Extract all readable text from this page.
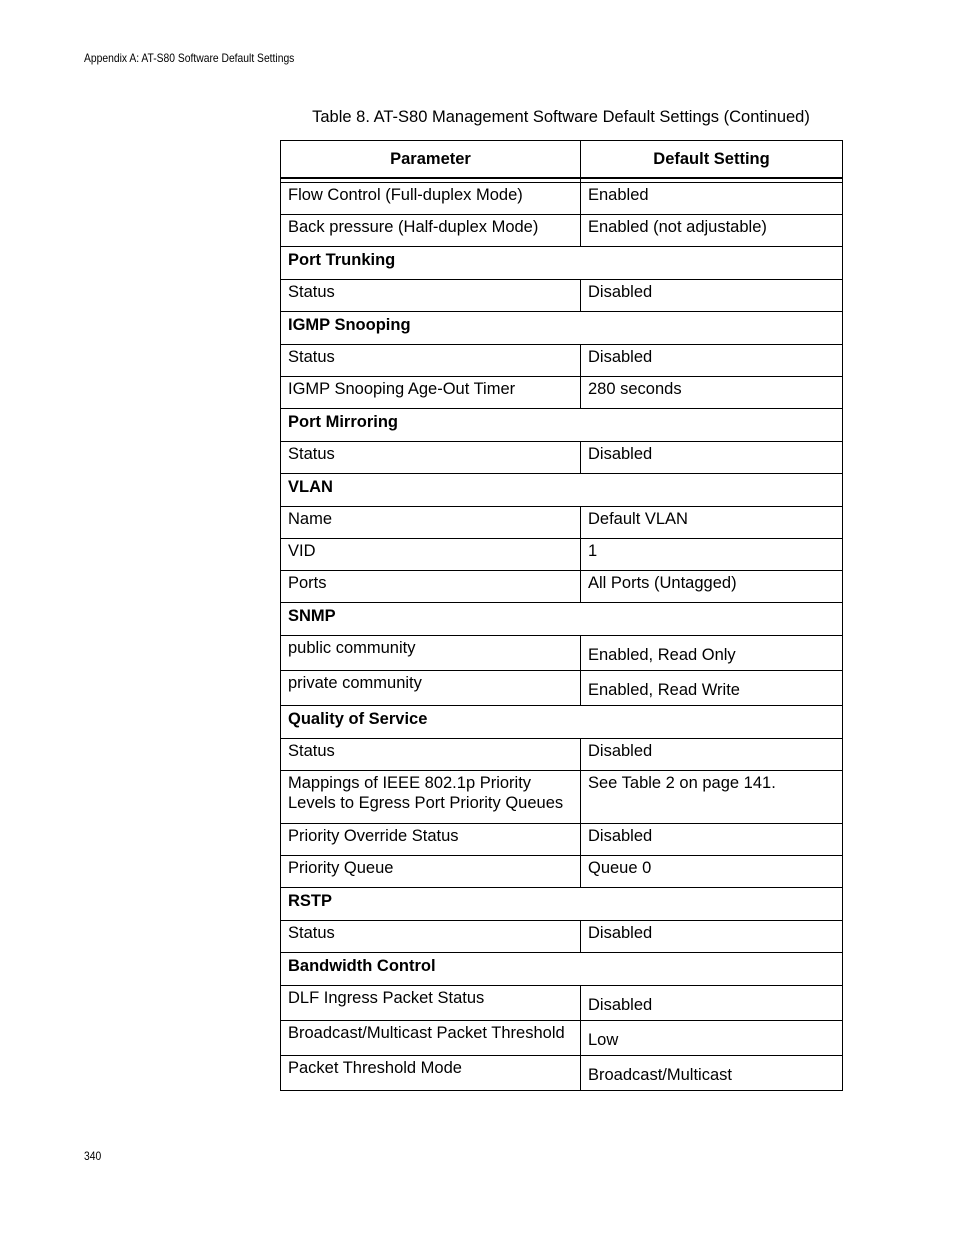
Appendix A: AT-S80 Software Default Settings
Table 8. AT-S80 Management Software Default Settings (Continued)
Parameter	Default Setting

Flow Control (Full-duplex Mode)	Enabled
Back pressure (Half-duplex Mode)	Enabled (not adjustable)
Port Trunking	
Status	Disabled
IGMP Snooping	
Status	Disabled
IGMP Snooping Age-Out Timer	280 seconds
Port Mirroring	
Status	Disabled
VLAN	
Name	Default VLAN
VID	1
Ports	All Ports (Untagged)
SNMP	
public community	Enabled, Read Only
private community	Enabled, Read Write
Quality of Service	
Status	Disabled
Mappings of IEEE 802.1p Priority
Levels to Egress Port Priority Queues	See Table 2 on page 141.
Priority Override Status	Disabled
Priority Queue	Queue 0
RSTP	
Status	Disabled
Bandwidth Control	
DLF Ingress Packet Status	Disabled
Broadcast/Multicast Packet Threshold	Low
Packet Threshold Mode	Broadcast/Multicast
340
